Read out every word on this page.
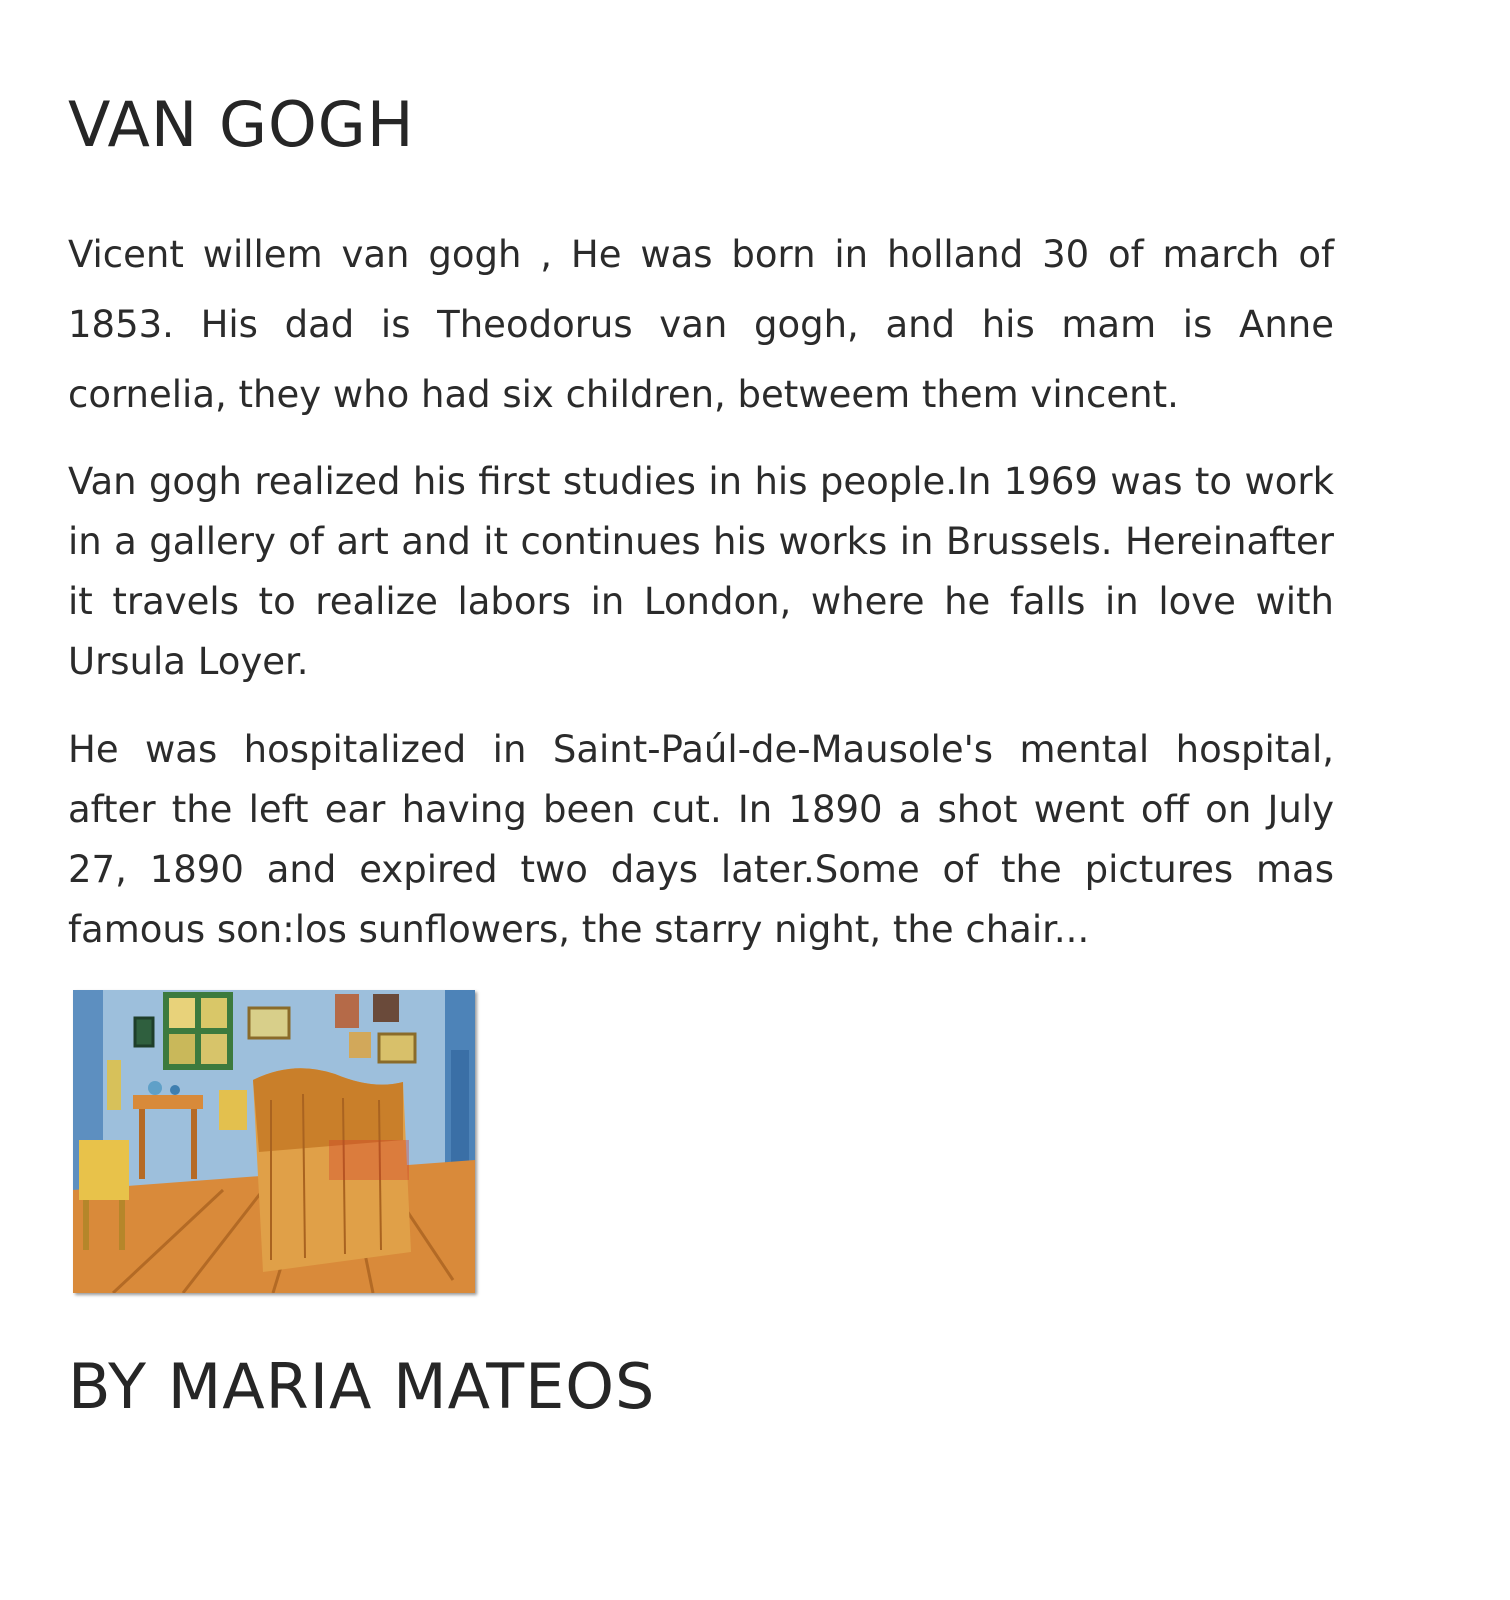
VAN GOGH

Vicent willem van gogh , He was born in holland 30 of march of 1853. His dad is Theodorus van gogh, and his mam is Anne cornelia, they who had six children, betweem them vincent.

Van gogh realized his first studies in his people.In 1969 was to work in a gallery of art and it continues his works in Brussels. Hereinafter it travels to realize labors in London, where he falls in love with Ursula Loyer.

He was hospitalized in Saint-Paúl-de-Mausole's mental hospital, after the left ear having been cut. In 1890 a shot went off on July 27, 1890 and expired two days later.Some of the pictures mas famous son:los sunflowers, the starry night, the chair...

BY MARIA MATEOS
